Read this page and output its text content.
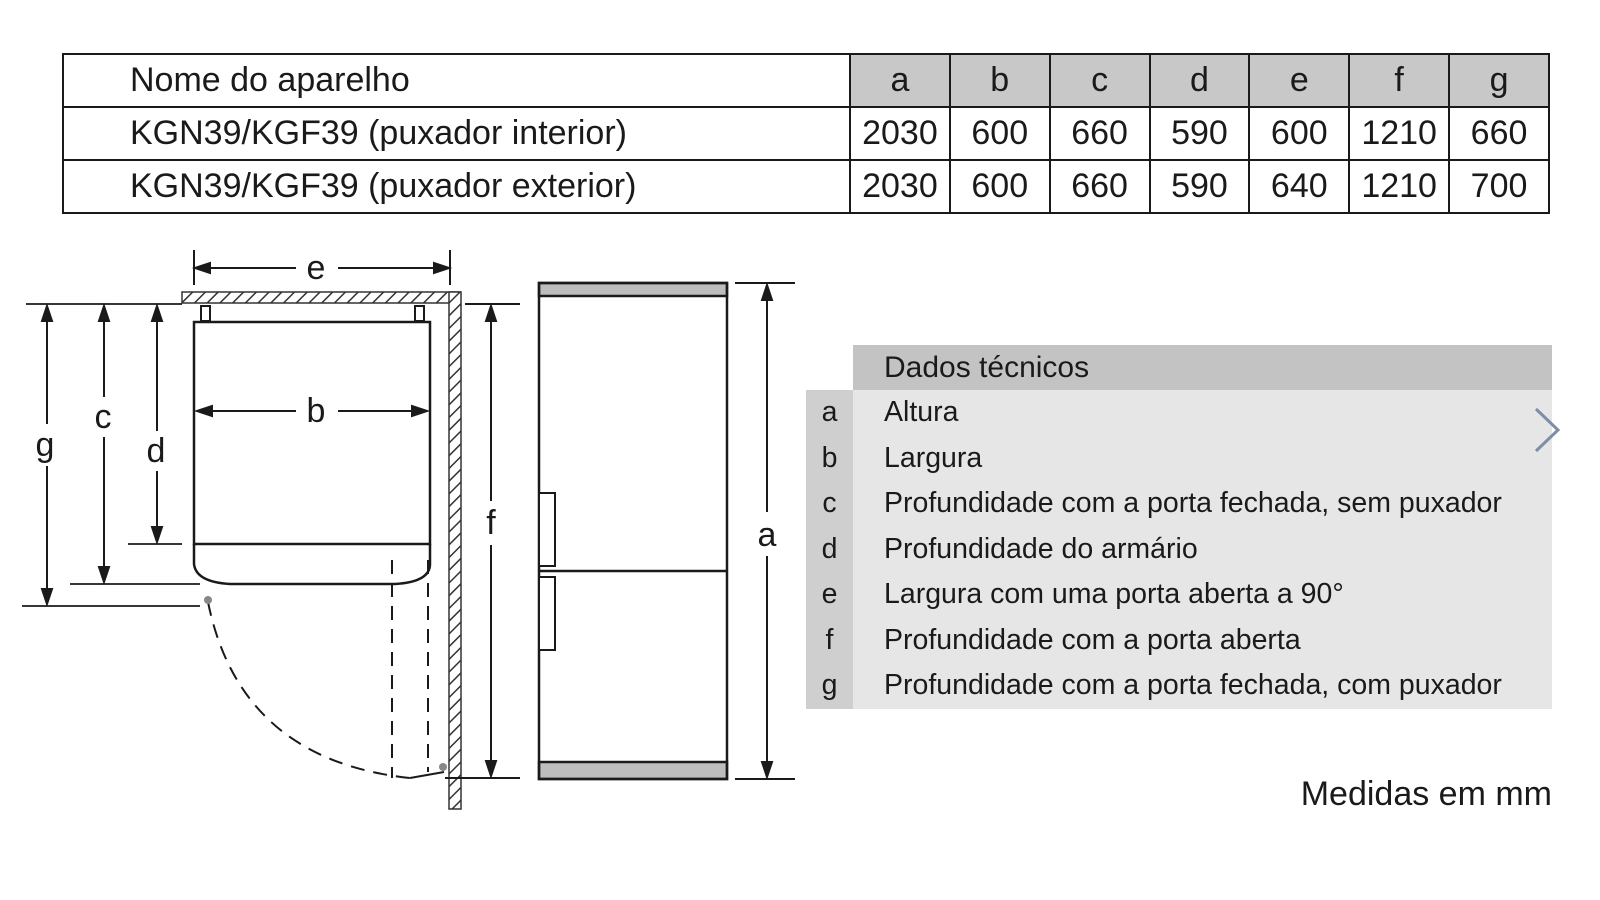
Nome do aparelho	a	b	c	d	e	f	g
KGN39/KGF39 (puxador interior)	2030	600	660	590	600	1210	660
KGN39/KGF39 (puxador exterior)	2030	600	660	590	640	1210	700
e
b
g
c
d
f	a
Dados técnicos
a	Altura
b	Largura
c	Profundidade com a porta fechada, sem puxador
d	Profundidade do armário
e	Largura com uma porta aberta a 90°
f	Profundidade com a porta aberta
g	Profundidade com a porta fechada, com puxador
Medidas em mm
